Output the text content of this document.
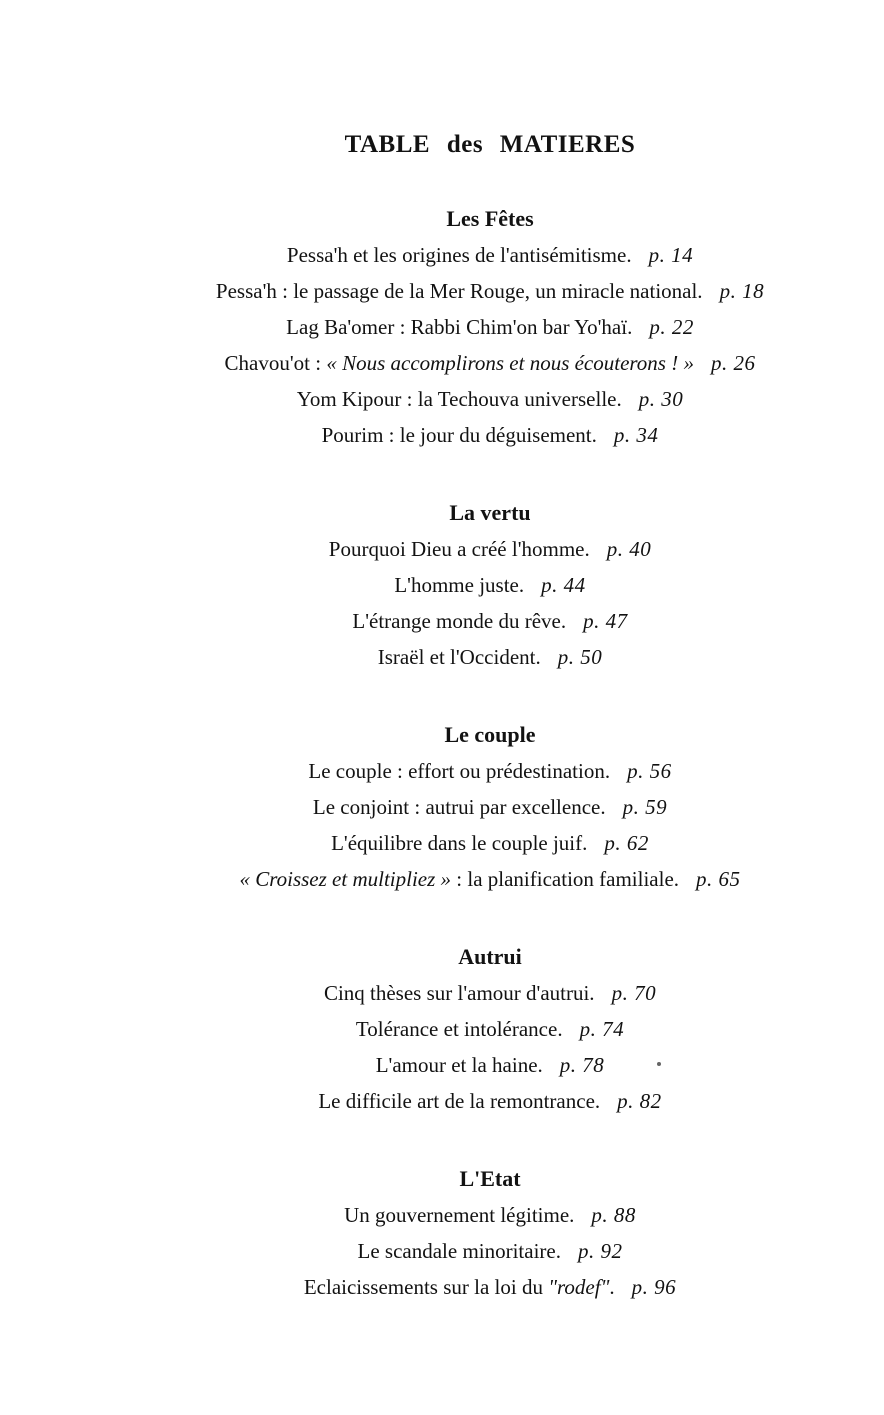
TABLE des MATIERES
Les Fêtes
Pessa'h et les origines de l'antisémitisme. p. 14
Pessa'h : le passage de la Mer Rouge, un miracle national. p. 18
Lag Ba'omer : Rabbi Chim'on bar Yo'haï. p. 22
Chavou'ot : « Nous accomplirons et nous écouterons ! » p. 26
Yom Kipour : la Techouva universelle. p. 30
Pourim : le jour du déguisement. p. 34
La vertu
Pourquoi Dieu a créé l'homme. p. 40
L'homme juste. p. 44
L'étrange monde du rêve. p. 47
Israël et l'Occident. p. 50
Le couple
Le couple : effort ou prédestination. p. 56
Le conjoint : autrui par excellence. p. 59
L'équilibre dans le couple juif. p. 62
« Croissez et multipliez » : la planification familiale. p. 65
Autrui
Cinq thèses sur l'amour d'autrui. p. 70
Tolérance et intolérance. p. 74
L'amour et la haine. p. 78
Le difficile art de la remontrance. p. 82
L'Etat
Un gouvernement légitime. p. 88
Le scandale minoritaire. p. 92
Eclaicissements sur la loi du "rodef". p. 96
